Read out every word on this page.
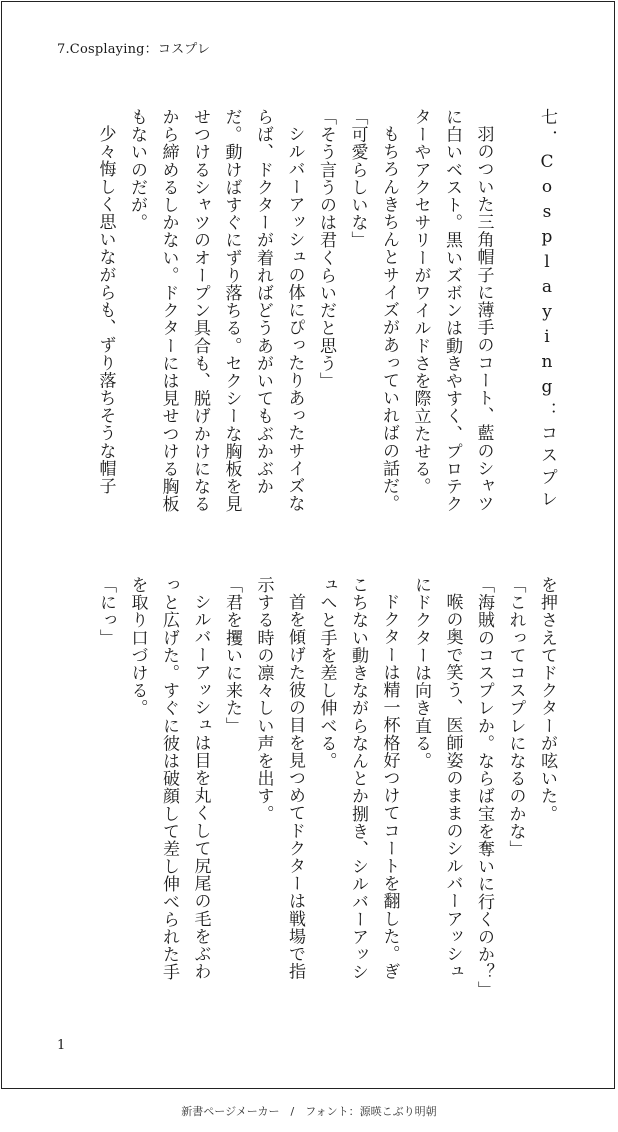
7.Cosplaying：コスプレ
七．Cosplaying：コスプレ

羽のついた三角帽子に薄手のコート、藍のシャツに白いベスト。黒いズボンは動きやすく、プロテクターやアクセサリーがワイルドさを際立たせる。

もちろんきちんとサイズがあっていればの話だ。

「可愛らしいな」

「そう言うのは君くらいだと思う」

シルバーアッシュの体にぴったりあったサイズならば、ドクターが着ればどうあがいてもぶかぶかだ。動けばすぐにずり落ちる。セクシーな胸板を見せつけるシャツのオープン具合も、脱げかけになるから締めるしかない。ドクターには見せつける胸板もないのだが。

少々悔しく思いながらも、ずり落ちそうな帽子

を押さえてドクターが呟いた。

「これってコスプレになるのかな」

「海賊のコスプレか。ならば宝を奪いに行くのか？」

喉の奥で笑う、医師姿のままのシルバーアッシュにドクターは向き直る。

ドクターは精一杯格好つけてコートを翻した。ぎこちない動きながらなんとか捌き、シルバーアッシュへと手を差し伸べる。

首を傾げた彼の目を見つめてドクターは戦場で指示する時の凛々しい声を出す。

「君を攫いに来た」

シルバーアッシュは目を丸くして尻尾の毛をぶわっと広げた。すぐに彼は破顔して差し伸べられた手を取り口づける。

「にっ」

1
新書ページメーカー　/　フォント：源暎こぶり明朝
